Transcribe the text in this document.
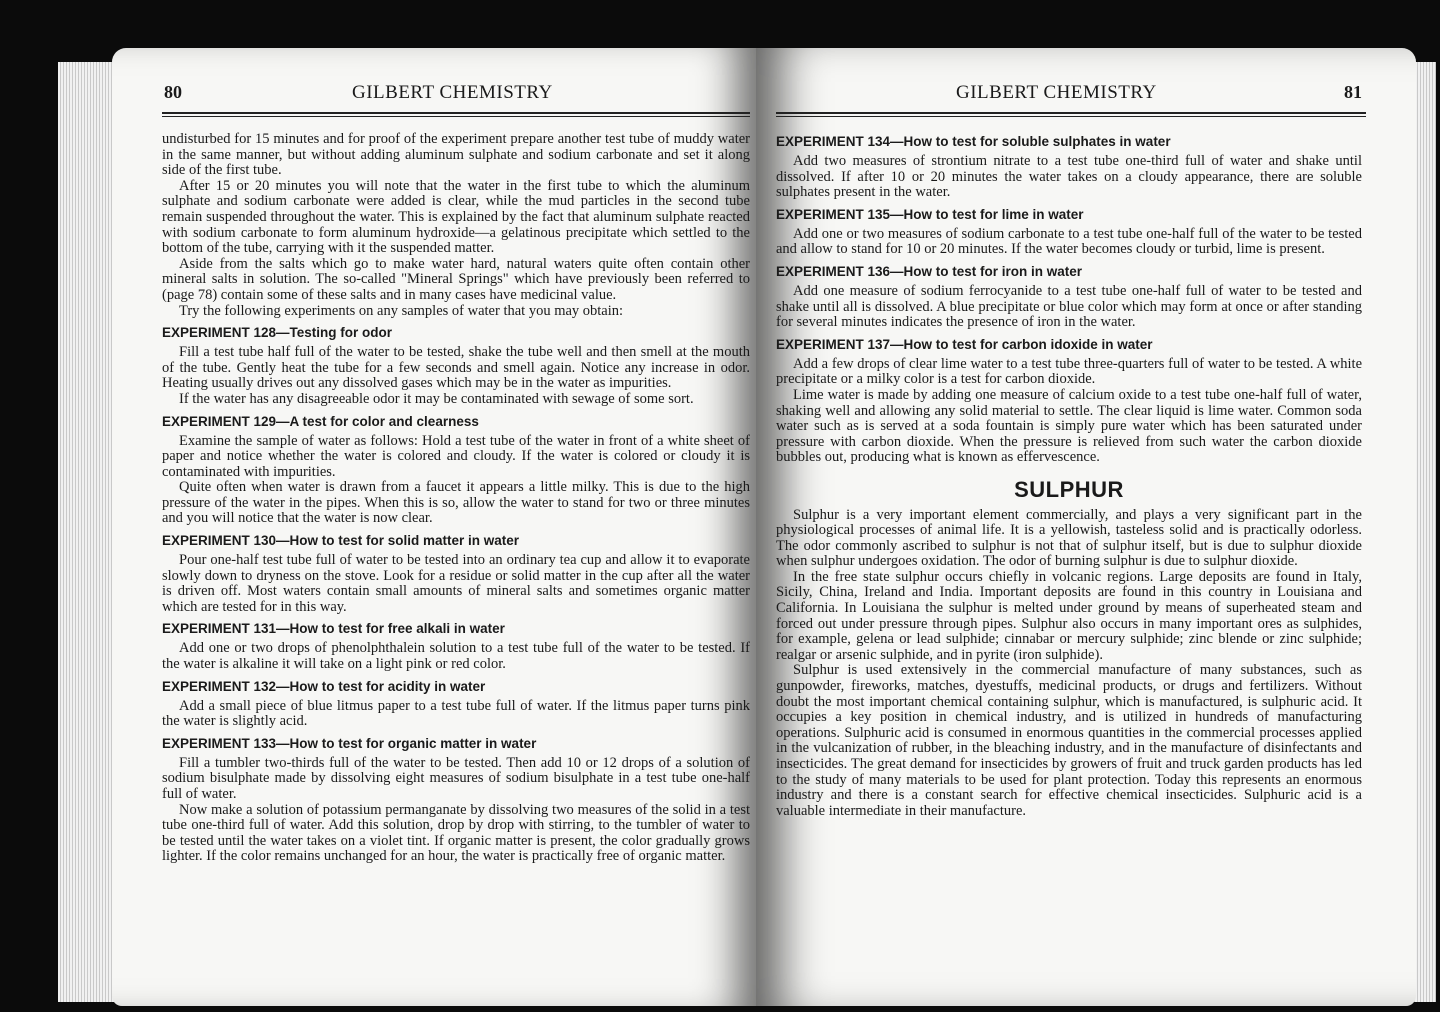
80	GILBERT CHEMISTRY

undisturbed for 15 minutes and for proof of the experiment prepare another test tube of muddy water in the same manner, but without adding aluminum sulphate and sodium carbonate and set it along side of the first tube.

After 15 or 20 minutes you will note that the water in the first tube to which the aluminum sulphate and sodium carbonate were added is clear, while the mud particles in the second tube remain suspended throughout the water. This is explained by the fact that aluminum sulphate reacted with sodium carbonate to form aluminum hydroxide—a gelatinous precipitate which settled to the bottom of the tube, carrying with it the suspended matter.

Aside from the salts which go to make water hard, natural waters quite often contain other mineral salts in solution. The so-called "Mineral Springs" which have previously been referred to (page 78) contain some of these salts and in many cases have medicinal value.

Try the following experiments on any samples of water that you may obtain:

EXPERIMENT 128—Testing for odor

Fill a test tube half full of the water to be tested, shake the tube well and then smell at the mouth of the tube. Gently heat the tube for a few seconds and smell again. Notice any increase in odor. Heating usually drives out any dissolved gases which may be in the water as impurities.

If the water has any disagreeable odor it may be contaminated with sewage of some sort.

EXPERIMENT 129—A test for color and clearness

Examine the sample of water as follows: Hold a test tube of the water in front of a white sheet of paper and notice whether the water is colored and cloudy. If the water is colored or cloudy it is contaminated with impurities.

Quite often when water is drawn from a faucet it appears a little milky. This is due to the high pressure of the water in the pipes. When this is so, allow the water to stand for two or three minutes and you will notice that the water is now clear.

EXPERIMENT 130—How to test for solid matter in water

Pour one-half test tube full of water to be tested into an ordinary tea cup and allow it to evaporate slowly down to dryness on the stove. Look for a residue or solid matter in the cup after all the water is driven off. Most waters contain small amounts of mineral salts and sometimes organic matter which are tested for in this way.

EXPERIMENT 131—How to test for free alkali in water

Add one or two drops of phenolphthalein solution to a test tube full of the water to be tested. If the water is alkaline it will take on a light pink or red color.

EXPERIMENT 132—How to test for acidity in water

Add a small piece of blue litmus paper to a test tube full of water. If the litmus paper turns pink the water is slightly acid.

EXPERIMENT 133—How to test for organic matter in water

Fill a tumbler two-thirds full of the water to be tested. Then add 10 or 12 drops of a solution of sodium bisulphate made by dissolving eight measures of sodium bisulphate in a test tube one-half full of water.

Now make a solution of potassium permanganate by dissolving two measures of the solid in a test tube one-third full of water. Add this solution, drop by drop with stirring, to the tumbler of water to be tested until the water takes on a violet tint. If organic matter is present, the color gradually grows lighter. If the color remains unchanged for an hour, the water is practically free of organic matter.

GILBERT CHEMISTRY	81
EXPERIMENT 134—How to test for soluble sulphates in water

Add two measures of strontium nitrate to a test tube one-third full of water and shake until dissolved. If after 10 or 20 minutes the water takes on a cloudy appearance, there are soluble sulphates present in the water.

EXPERIMENT 135—How to test for lime in water

Add one or two measures of sodium carbonate to a test tube one-half full of the water to be tested and allow to stand for 10 or 20 minutes. If the water becomes cloudy or turbid, lime is present.

EXPERIMENT 136—How to test for iron in water

Add one measure of sodium ferrocyanide to a test tube one-half full of water to be tested and shake until all is dissolved. A blue precipitate or blue color which may form at once or after standing for several minutes indicates the presence of iron in the water.

EXPERIMENT 137—How to test for carbon idoxide in water

Add a few drops of clear lime water to a test tube three-quarters full of water to be tested. A white precipitate or a milky color is a test for carbon dioxide.

Lime water is made by adding one measure of calcium oxide to a test tube one-half full of water, shaking well and allowing any solid material to settle. The clear liquid is lime water. Common soda water such as is served at a soda fountain is simply pure water which has been saturated under pressure with carbon dioxide. When the pressure is relieved from such water the carbon dioxide bubbles out, producing what is known as effervescence.

SULPHUR

Sulphur is a very important element commercially, and plays a very significant part in the physiological processes of animal life. It is a yellowish, tasteless solid and is practically odorless. The odor commonly ascribed to sulphur is not that of sulphur itself, but is due to sulphur dioxide when sulphur undergoes oxidation. The odor of burning sulphur is due to sulphur dioxide.

In the free state sulphur occurs chiefly in volcanic regions. Large deposits are found in Italy, Sicily, China, Ireland and India. Important deposits are found in this country in Louisiana and California. In Louisiana the sulphur is melted under ground by means of superheated steam and forced out under pressure through pipes. Sulphur also occurs in many important ores as sulphides, for example, gelena or lead sulphide; cinnabar or mercury sulphide; zinc blende or zinc sulphide; realgar or arsenic sulphide, and in pyrite (iron sulphide).

Sulphur is used extensively in the commercial manufacture of many substances, such as gunpowder, fireworks, matches, dyestuffs, medicinal products, or drugs and fertilizers. Without doubt the most important chemical containing sulphur, which is manufactured, is sulphuric acid. It occupies a key position in chemical industry, and is utilized in hundreds of manufacturing operations. Sulphuric acid is consumed in enormous quantities in the commercial processes applied in the vulcanization of rubber, in the bleaching industry, and in the manufacture of disinfectants and insecticides. The great demand for insecticides by growers of fruit and truck garden products has led to the study of many materials to be used for plant protection. Today this represents an enormous industry and there is a constant search for effective chemical insecticides. Sulphuric acid is a valuable intermediate in their manufacture.
